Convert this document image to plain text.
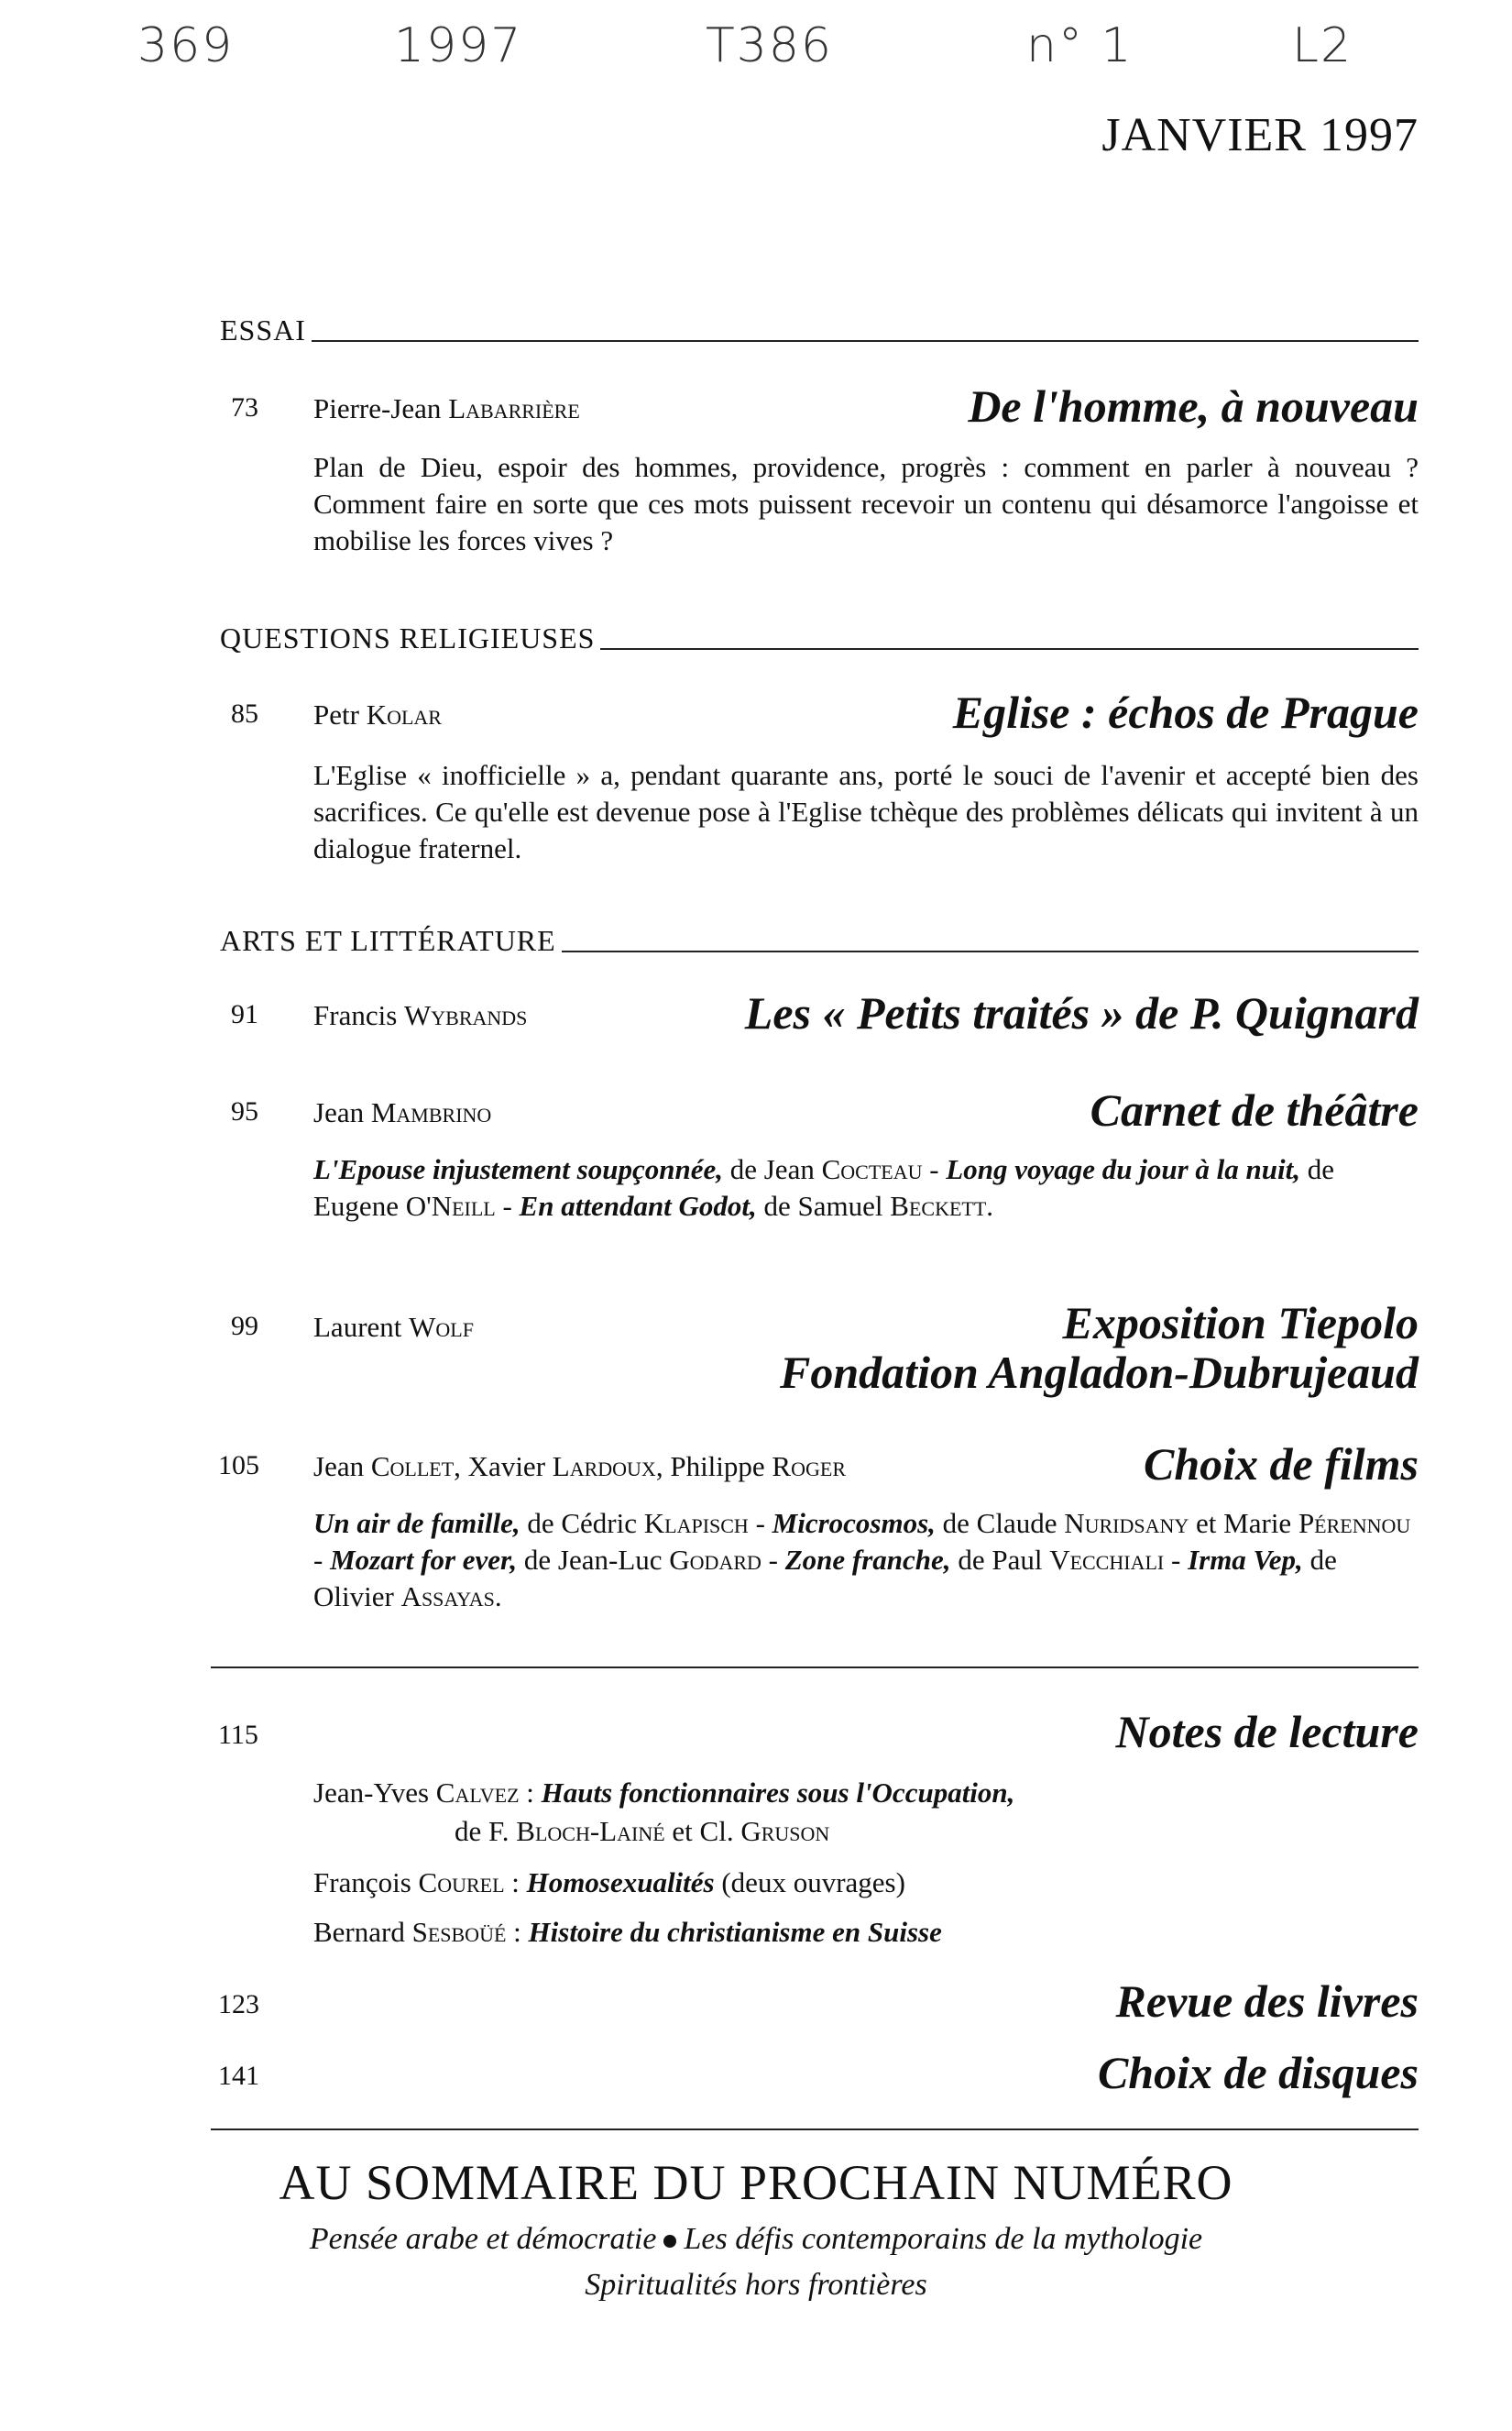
369	1997	T386	n° 1	L2
JANVIER 1997
ESSAI
73 Pierre-Jean Labarrière	De l'homme, à nouveau
Plan de Dieu, espoir des hommes, providence, progrès : comment en parler à nouveau ? Comment faire en sorte que ces mots puissent recevoir un contenu qui désamorce l'angoisse et mobilise les forces vives ?
QUESTIONS RELIGIEUSES
85 Petr Kolar	Eglise : échos de Prague
L'Eglise « inofficielle » a, pendant quarante ans, porté le souci de l'avenir et accepté bien des sacrifices. Ce qu'elle est devenue pose à l'Eglise tchèque des problèmes délicats qui invitent à un dialogue fraternel.
ARTS ET LITTÉRATURE
91 Francis Wybrands	Les « Petits traités » de P. Quignard
95 Jean Mambrino	Carnet de théâtre
L'Epouse injustement soupçonnée, de Jean Cocteau - Long voyage du jour à la nuit, de Eugene O'Neill - En attendant Godot, de Samuel Beckett.
99 Laurent Wolf	Exposition Tiepolo
Fondation Angladon-Dubrujeaud
105 Jean Collet, Xavier Lardoux, Philippe Roger	Choix de films
Un air de famille, de Cédric Klapisch - Microcosmos, de Claude Nuridsany et Marie Pérennou - Mozart for ever, de Jean-Luc Godard - Zone franche, de Paul Vecchiali - Irma Vep, de Olivier Assayas.
115	Notes de lecture
Jean-Yves Calvez : Hauts fonctionnaires sous l'Occupation,
de F. Bloch-Lainé et Cl. Gruson
François Courel : Homosexualités (deux ouvrages)
Bernard Sesboüé : Histoire du christianisme en Suisse
123	Revue des livres
141	Choix de disques
AU SOMMAIRE DU PROCHAIN NUMÉRO
Pensée arabe et démocratie Les défis contemporains de la mythologie
Spiritualités hors frontières
